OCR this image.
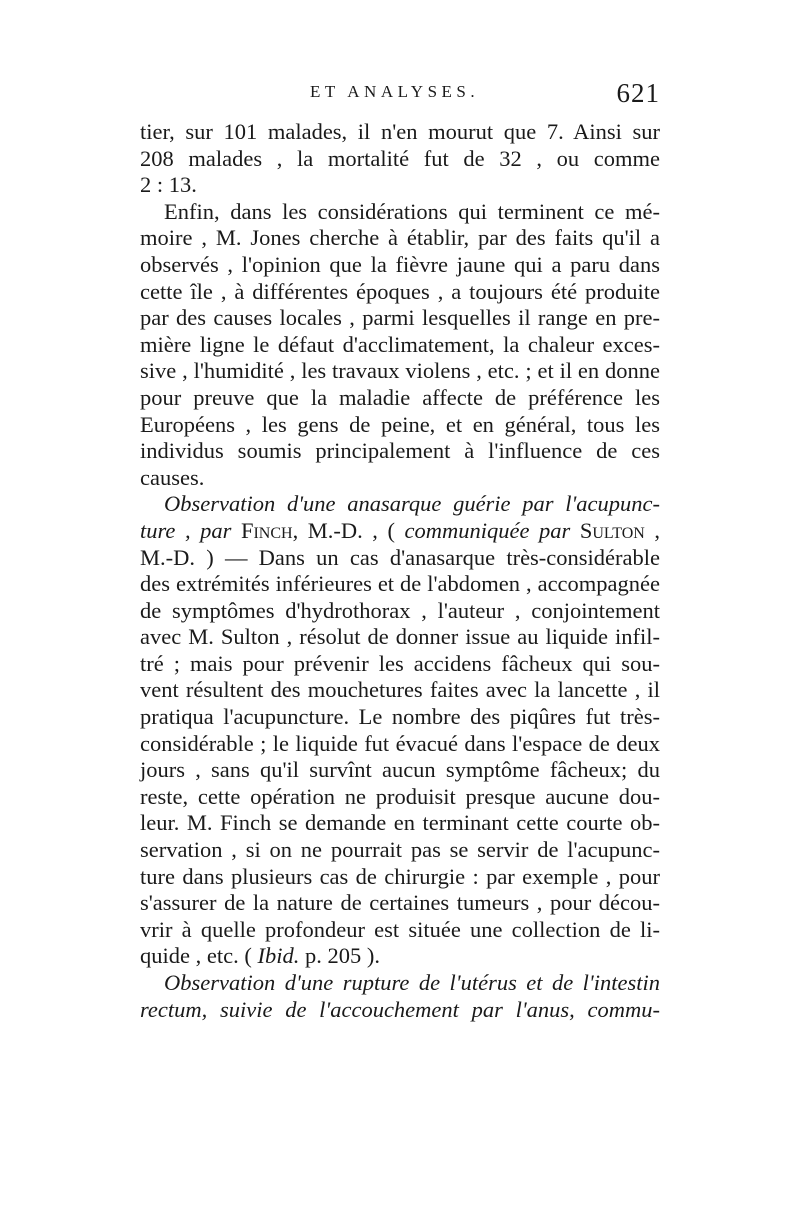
ET ANALYSES.	621
tier, sur 101 malades, il n'en mourut que 7. Ainsi sur
208 malades , la mortalité fut de 32 , ou comme
2 : 13.
Enfin, dans les considérations qui terminent ce mé-
moire , M. Jones cherche à établir, par des faits qu'il a
observés , l'opinion que la fièvre jaune qui a paru dans
cette île , à différentes époques , a toujours été produite
par des causes locales , parmi lesquelles il range en pre-
mière ligne le défaut d'acclimatement, la chaleur exces-
sive , l'humidité , les travaux violens , etc. ; et il en donne
pour preuve que la maladie affecte de préférence les
Européens , les gens de peine, et en général, tous les
individus soumis principalement à l'influence de ces
causes.
Observation d'une anasarque guérie par l'acupunc-
ture , par Finch, M.-D. , ( communiquée par Sulton ,
M.-D. ) — Dans un cas d'anasarque très-considérable
des extrémités inférieures et de l'abdomen , accompagnée
de symptômes d'hydrothorax , l'auteur , conjointement
avec M. Sulton , résolut de donner issue au liquide infil-
tré ; mais pour prévenir les accidens fâcheux qui sou-
vent résultent des mouchetures faites avec la lancette , il
pratiqua l'acupuncture. Le nombre des piqûres fut très-
considérable ; le liquide fut évacué dans l'espace de deux
jours , sans qu'il survînt aucun symptôme fâcheux; du
reste, cette opération ne produisit presque aucune dou-
leur. M. Finch se demande en terminant cette courte ob-
servation , si on ne pourrait pas se servir de l'acupunc-
ture dans plusieurs cas de chirurgie : par exemple , pour
s'assurer de la nature de certaines tumeurs , pour décou-
vrir à quelle profondeur est située une collection de li-
quide , etc. ( Ibid. p. 205 ).
Observation d'une rupture de l'utérus et de l'intestin
rectum, suivie de l'accouchement par l'anus, commu-
